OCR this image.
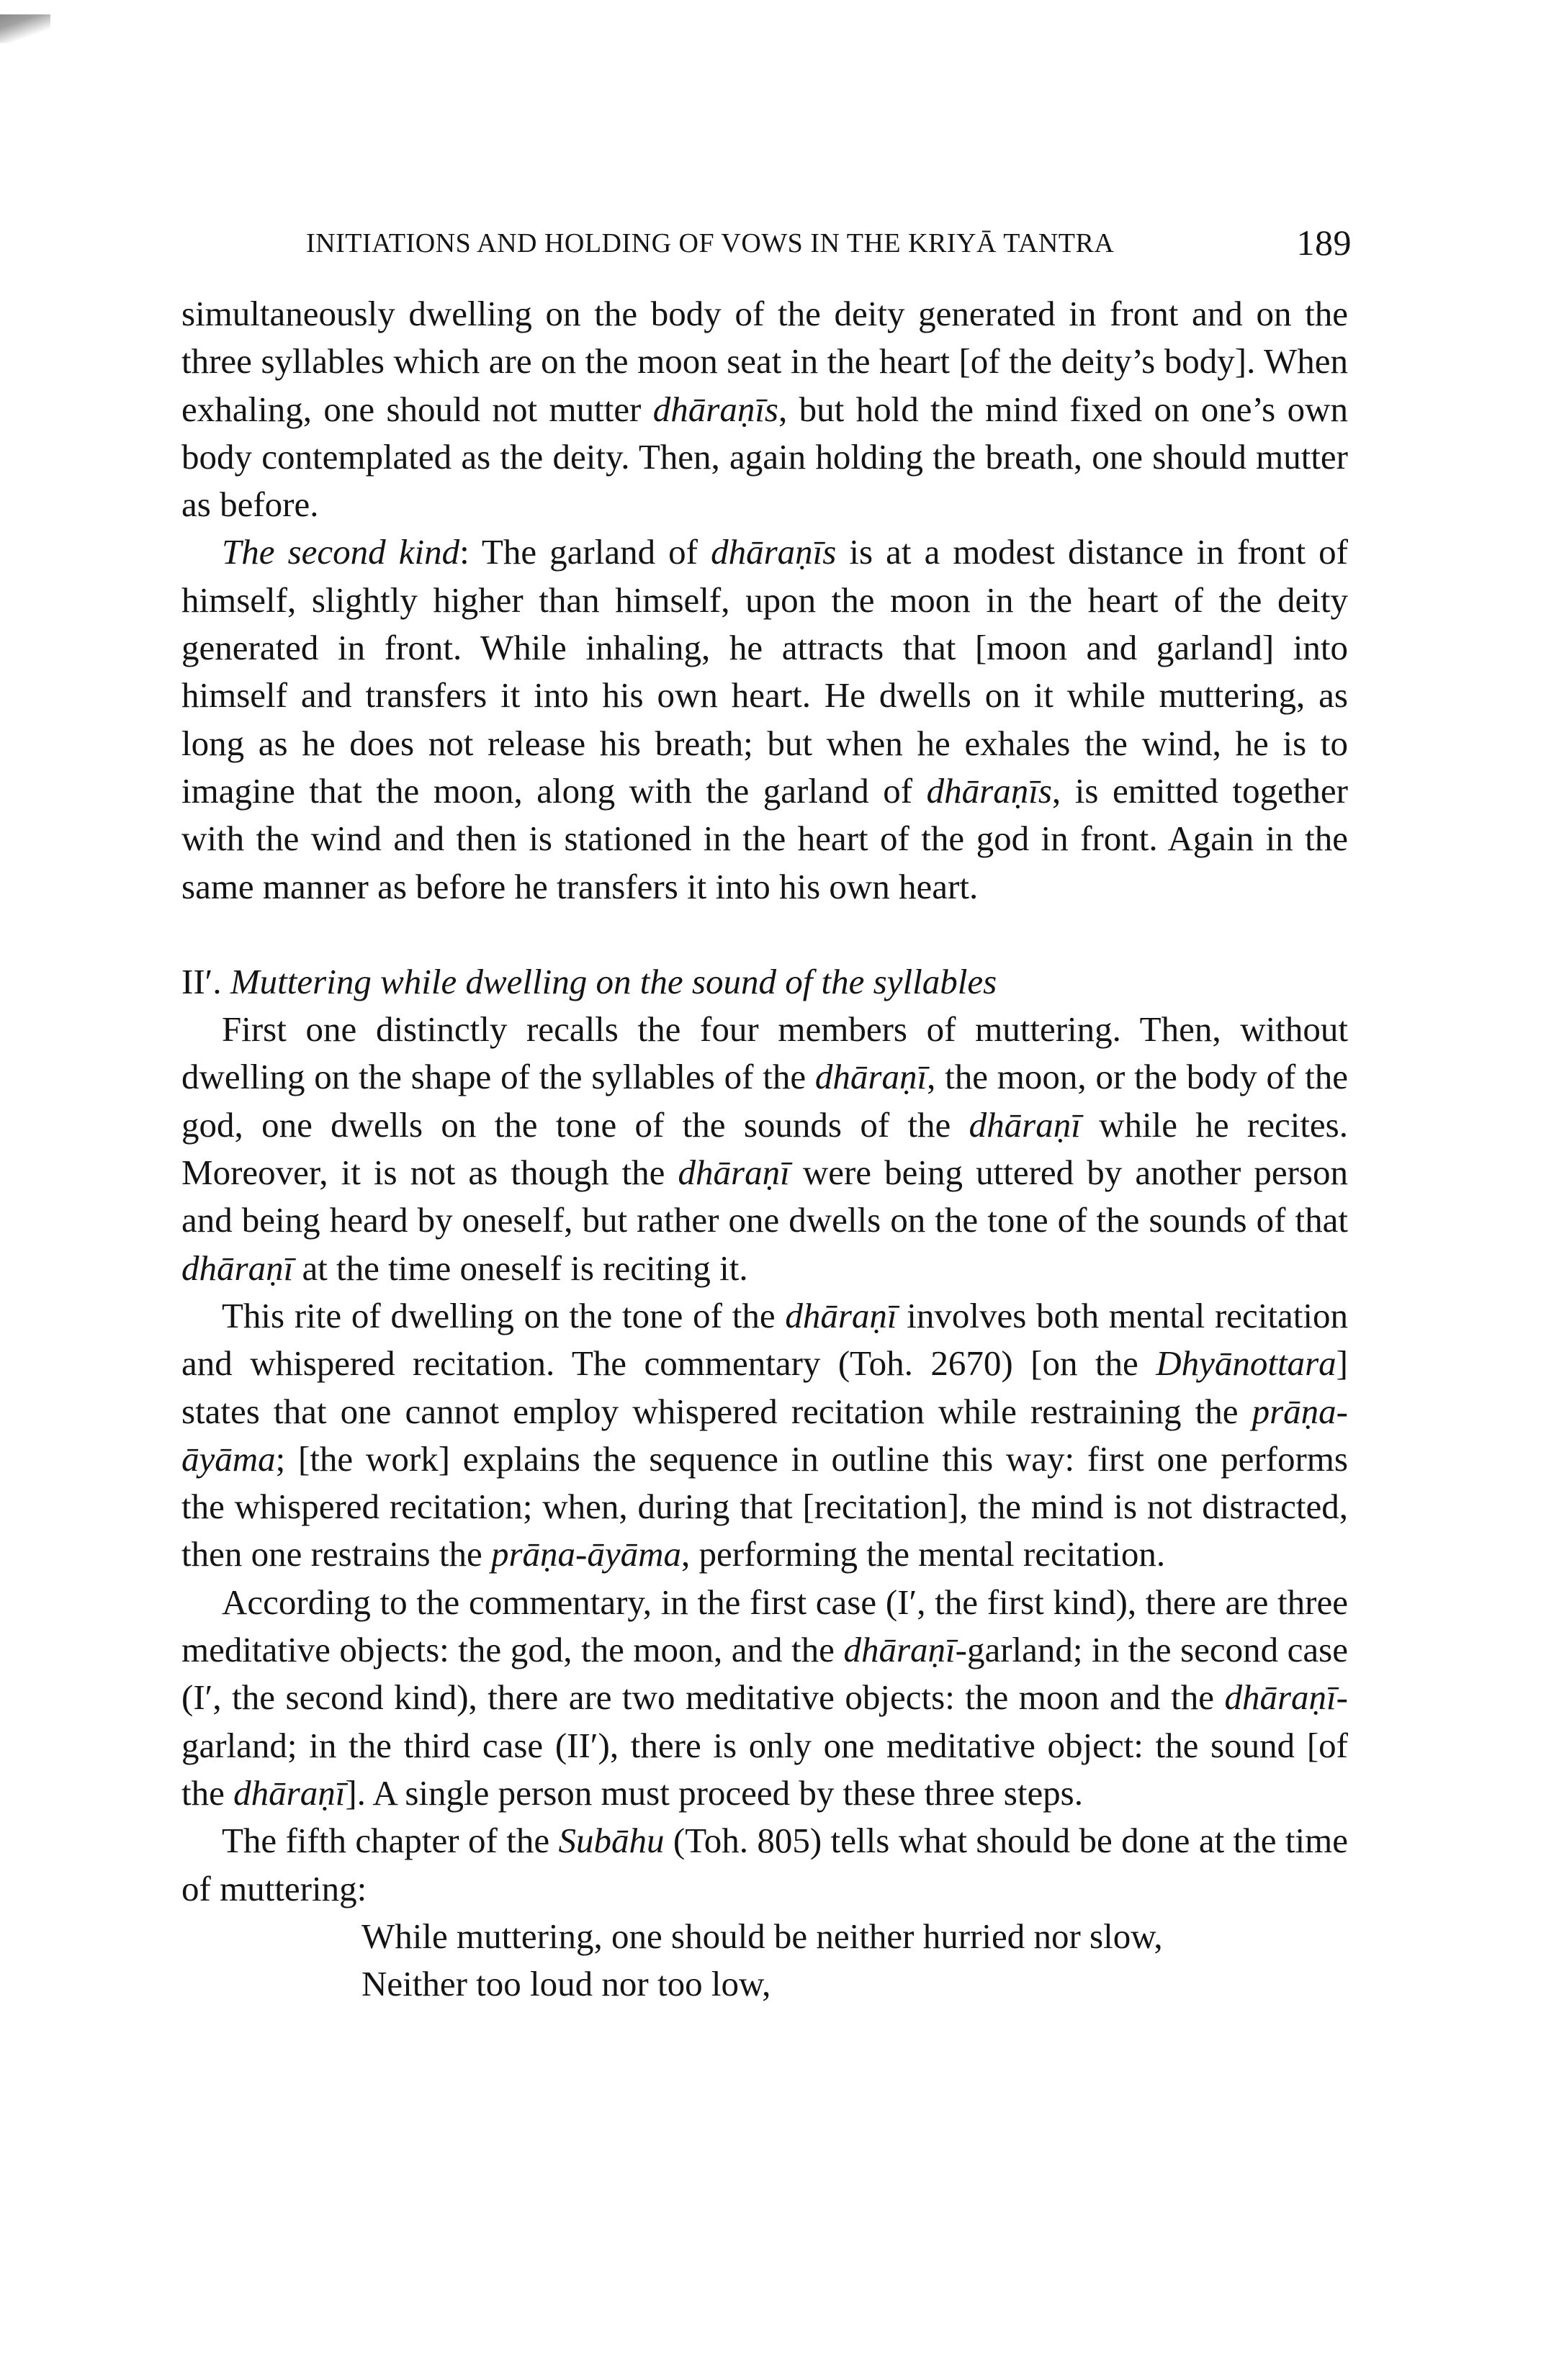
INITIATIONS AND HOLDING OF VOWS IN THE KRIYĀ TANTRA	189

simultaneously dwelling on the body of the deity generated in front and on the three syllables which are on the moon seat in the heart [of the deity’s body]. When exhaling, one should not mutter dhāraṇīs, but hold the mind fixed on one’s own body contemplated as the deity. Then, again holding the breath, one should mutter as before.

The second kind: The garland of dhāraṇīs is at a modest distance in front of himself, slightly higher than himself, upon the moon in the heart of the deity generated in front. While inhaling, he attracts that [moon and garland] into himself and transfers it into his own heart. He dwells on it while muttering, as long as he does not release his breath; but when he exhales the wind, he is to imagine that the moon, along with the garland of dhāraṇīs, is emitted together with the wind and then is stationed in the heart of the god in front. Again in the same manner as before he transfers it into his own heart.

II′. Muttering while dwelling on the sound of the syllables

First one distinctly recalls the four members of muttering. Then, without dwelling on the shape of the syllables of the dhāraṇī, the moon, or the body of the god, one dwells on the tone of the sounds of the dhāraṇī while he recites. Moreover, it is not as though the dhāraṇī were being uttered by another person and being heard by oneself, but rather one dwells on the tone of the sounds of that dhāraṇī at the time oneself is reciting it.

This rite of dwelling on the tone of the dhāraṇī involves both mental recitation and whispered recitation. The commentary (Toh. 2670) [on the Dhyānottara] states that one cannot employ whispered recitation while restraining the prāṇa-āyāma; [the work] explains the sequence in outline this way: first one performs the whispered recitation; when, during that [recitation], the mind is not distracted, then one restrains the prāṇa-āyāma, performing the mental recitation.

According to the commentary, in the first case (I′, the first kind), there are three meditative objects: the god, the moon, and the dhāraṇī-garland; in the second case (I′, the second kind), there are two meditative objects: the moon and the dhāraṇī-garland; in the third case (II′), there is only one meditative object: the sound [of the dhāraṇī]. A single person must proceed by these three steps.

The fifth chapter of the Subāhu (Toh. 805) tells what should be done at the time of muttering:

While muttering, one should be neither hurried nor slow,
Neither too loud nor too low,
